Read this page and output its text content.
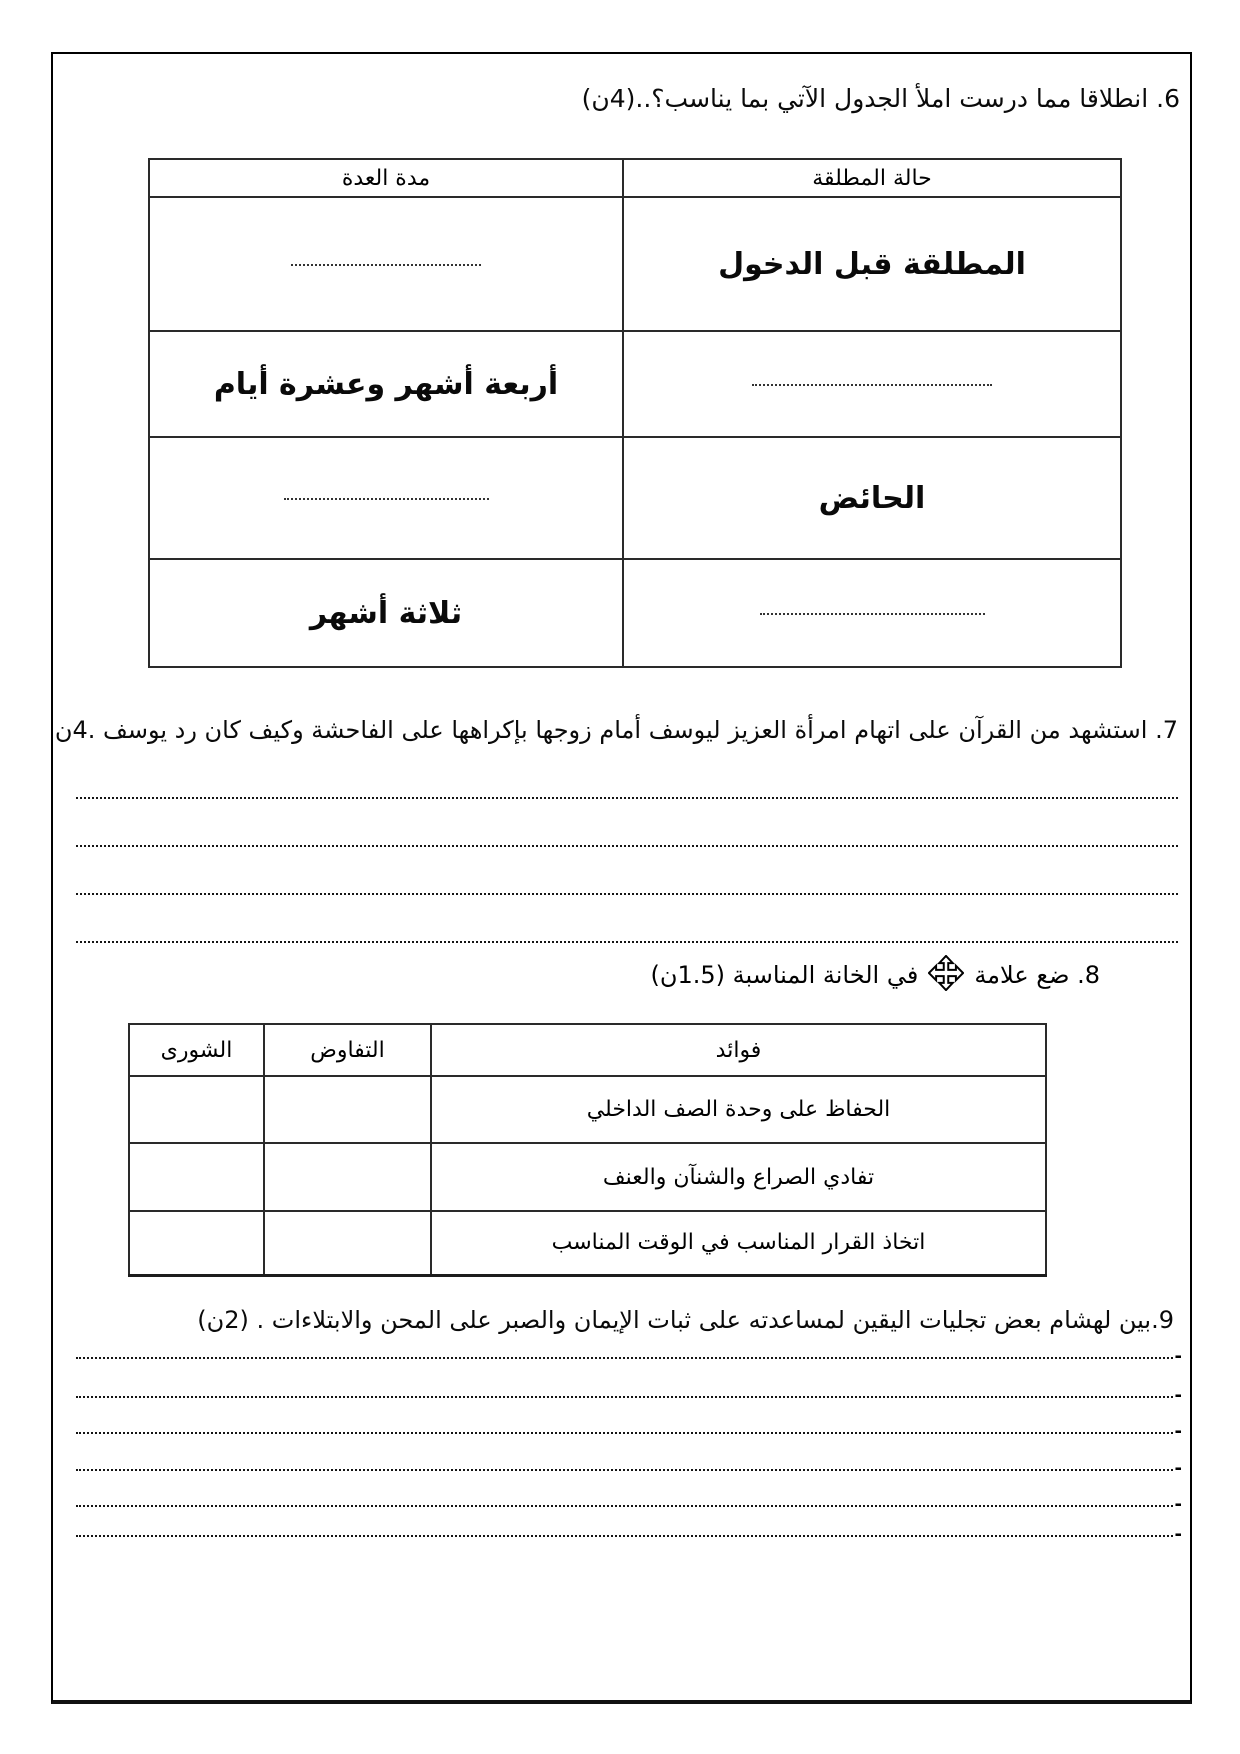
6. انطلاقا مما درست املأ الجدول الآتي بما يناسب؟..(4ن)

حالة المطلقة	مدة العدة
المطلقة قبل الدخول	

	أربعة أشهر وعشرة أيام
الحائض	

	ثلاثة أشهر

7. استشهد من القرآن على اتهام امرأة العزيز ليوسف أمام زوجها بإكراهها على الفاحشة وكيف كان رد يوسف .4ن

8. ضع علامة
في الخانة المناسبة (1.5ن)
فوائد	التفاوض	الشورى
الحفاظ على وحدة الصف الداخلي		
تفادي الصراع والشنآن والعنف		
اتخاذ القرار المناسب في الوقت المناسب		

9.بين لهشام بعض تجليات اليقين لمساعدته على ثبات الإيمان والصبر على المحن والابتلاءات . (2ن)

-
-
-
-
-
-
